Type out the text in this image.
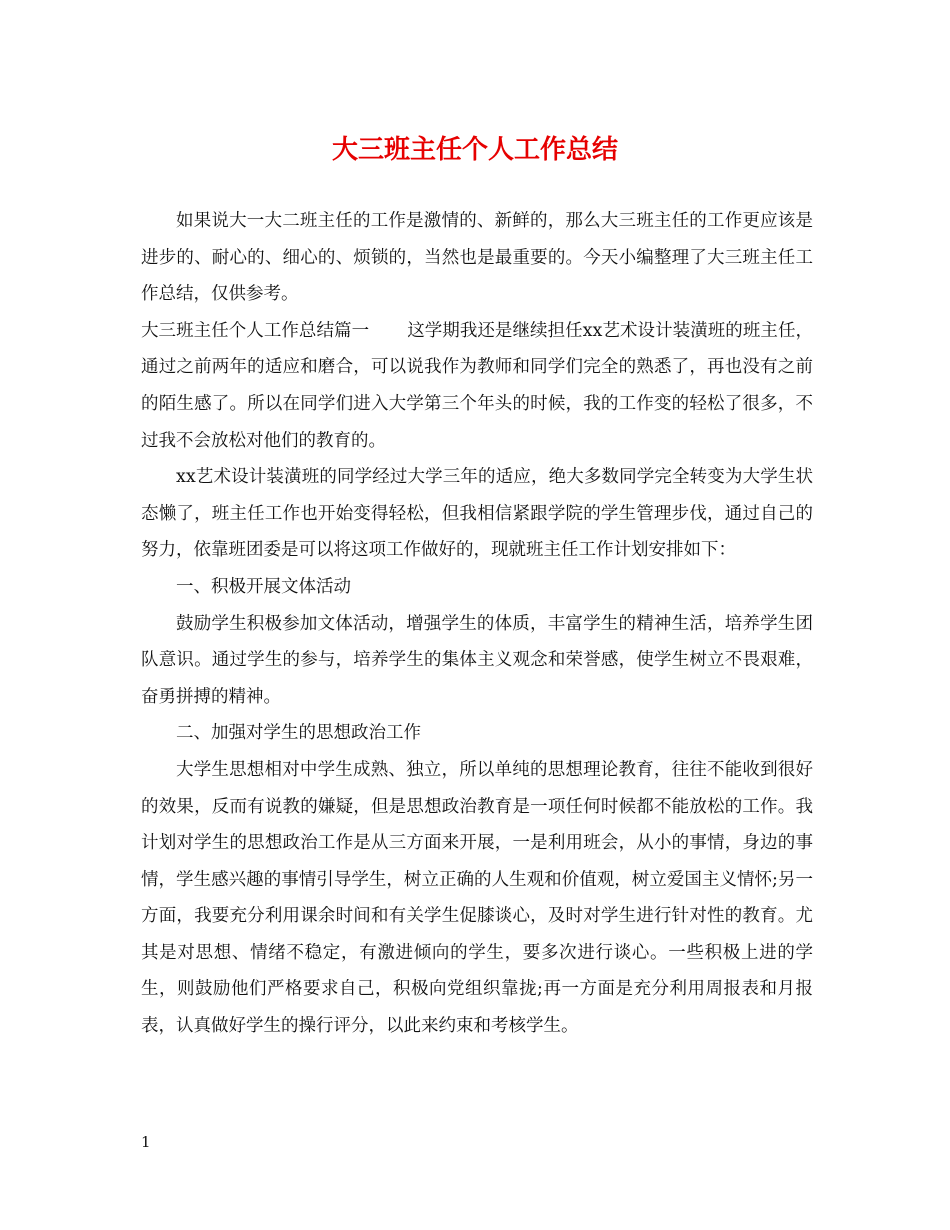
大三班主任个人工作总结

如果说大一大二班主任的工作是激情的、新鲜的，那么大三班主任的工作更应该是进步的、耐心的、细心的、烦锁的，当然也是最重要的。今天小编整理了大三班主任工作总结，仅供参考。

大三班主任个人工作总结篇一 这学期我还是继续担任xx艺术设计装潢班的班主任，通过之前两年的适应和磨合，可以说我作为教师和同学们完全的熟悉了，再也没有之前的陌生感了。所以在同学们进入大学第三个年头的时候，我的工作变的轻松了很多，不过我不会放松对他们的教育的。

xx艺术设计装潢班的同学经过大学三年的适应，绝大多数同学完全转变为大学生状态懒了，班主任工作也开始变得轻松，但我相信紧跟学院的学生管理步伐，通过自己的努力，依靠班团委是可以将这项工作做好的，现就班主任工作计划安排如下：

一、积极开展文体活动

鼓励学生积极参加文体活动，增强学生的体质，丰富学生的精神生活，培养学生团队意识。通过学生的参与，培养学生的集体主义观念和荣誉感，使学生树立不畏艰难，奋勇拼搏的精神。

二、加强对学生的思想政治工作

大学生思想相对中学生成熟、独立，所以单纯的思想理论教育，往往不能收到很好的效果，反而有说教的嫌疑，但是思想政治教育是一项任何时候都不能放松的工作。我计划对学生的思想政治工作是从三方面来开展，一是利用班会，从小的事情，身边的事情，学生感兴趣的事情引导学生，树立正确的人生观和价值观，树立爱国主义情怀;另一方面，我要充分利用课余时间和有关学生促膝谈心，及时对学生进行针对性的教育。尤其是对思想、情绪不稳定，有激进倾向的学生，要多次进行谈心。一些积极上进的学生，则鼓励他们严格要求自己，积极向党组织靠拢;再一方面是充分利用周报表和月报表，认真做好学生的操行评分，以此来约束和考核学生。

1
